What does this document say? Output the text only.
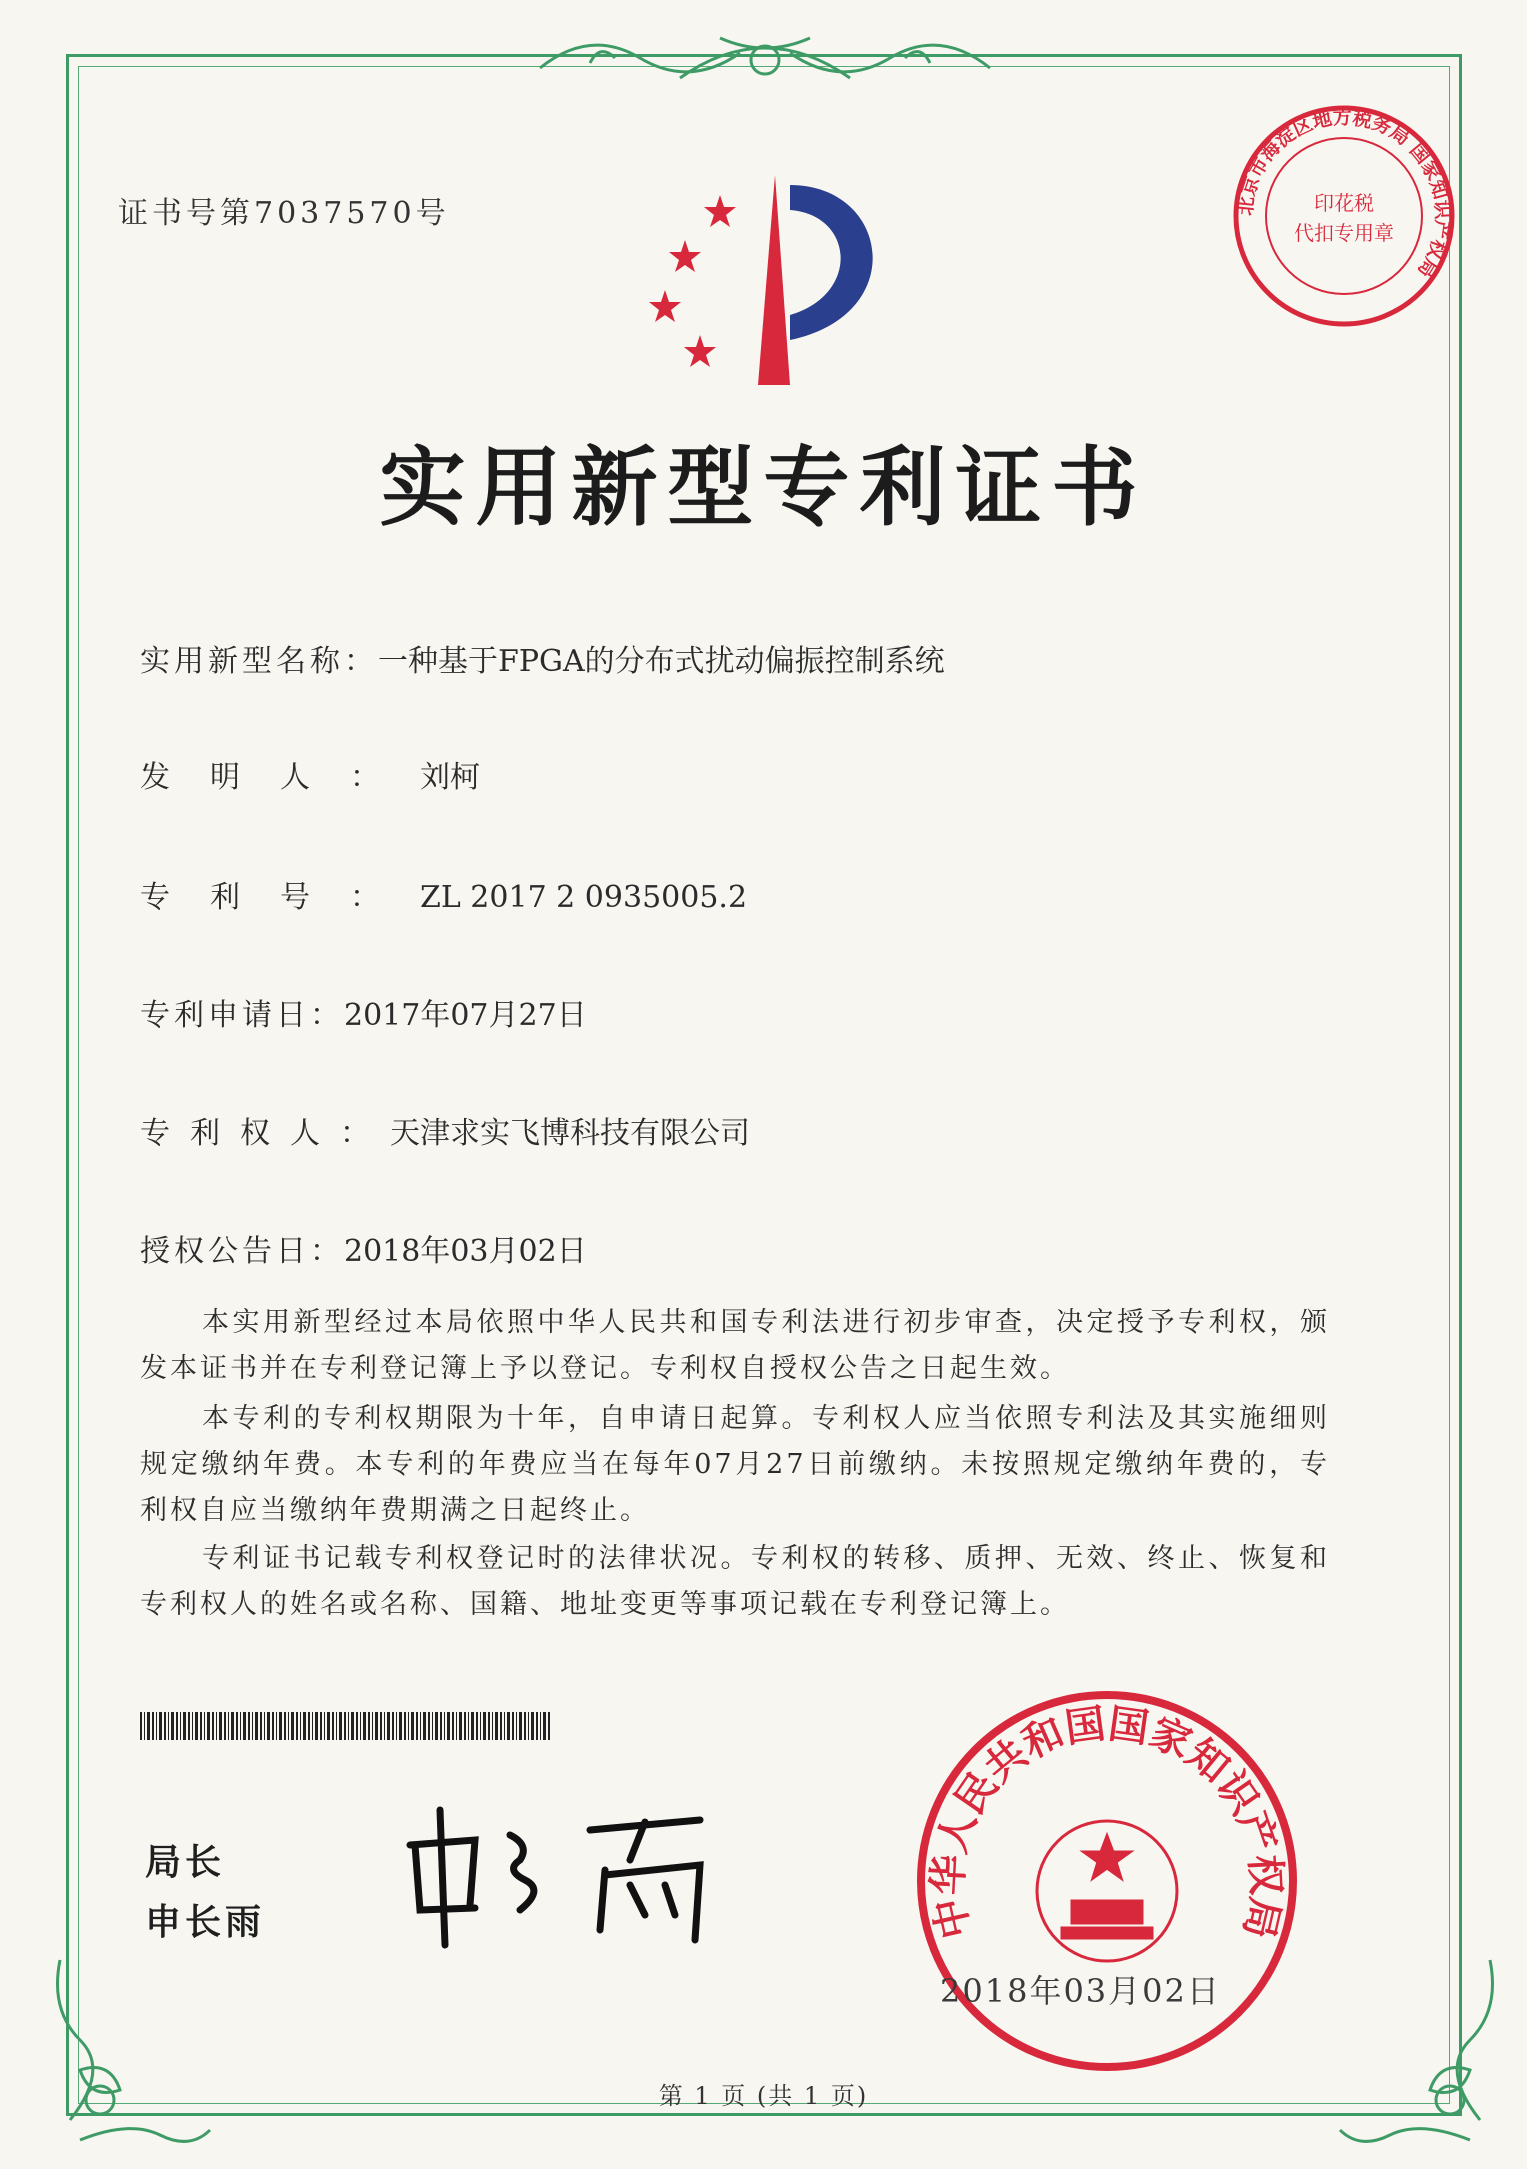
证书号第7037570号	北京市海淀区地方税务局 国家知识产权局
印花税
代扣专用章
实用新型专利证书
实用新型名称：一种基于FPGA的分布式扰动偏振控制系统
发明人：刘柯
专利号：ZL 2017 2 0935005.2
专利申请日：2017年07月27日
专利权人：天津求实飞博科技有限公司
授权公告日：2018年03月02日
本实用新型经过本局依照中华人民共和国专利法进行初步审查，决定授予专利权，颁发本证书并在专利登记簿上予以登记。专利权自授权公告之日起生效。
本专利的专利权期限为十年，自申请日起算。专利权人应当依照专利法及其实施细则规定缴纳年费。本专利的年费应当在每年07月27日前缴纳。未按照规定缴纳年费的，专利权自应当缴纳年费期满之日起终止。
专利证书记载专利权登记时的法律状况。专利权的转移、质押、无效、终止、恢复和专利权人的姓名或名称、国籍、地址变更等事项记载在专利登记簿上。
局长
申长雨	中华人民共和国国家知识产权局
2018年03月02日
第 1 页 (共 1 页)
